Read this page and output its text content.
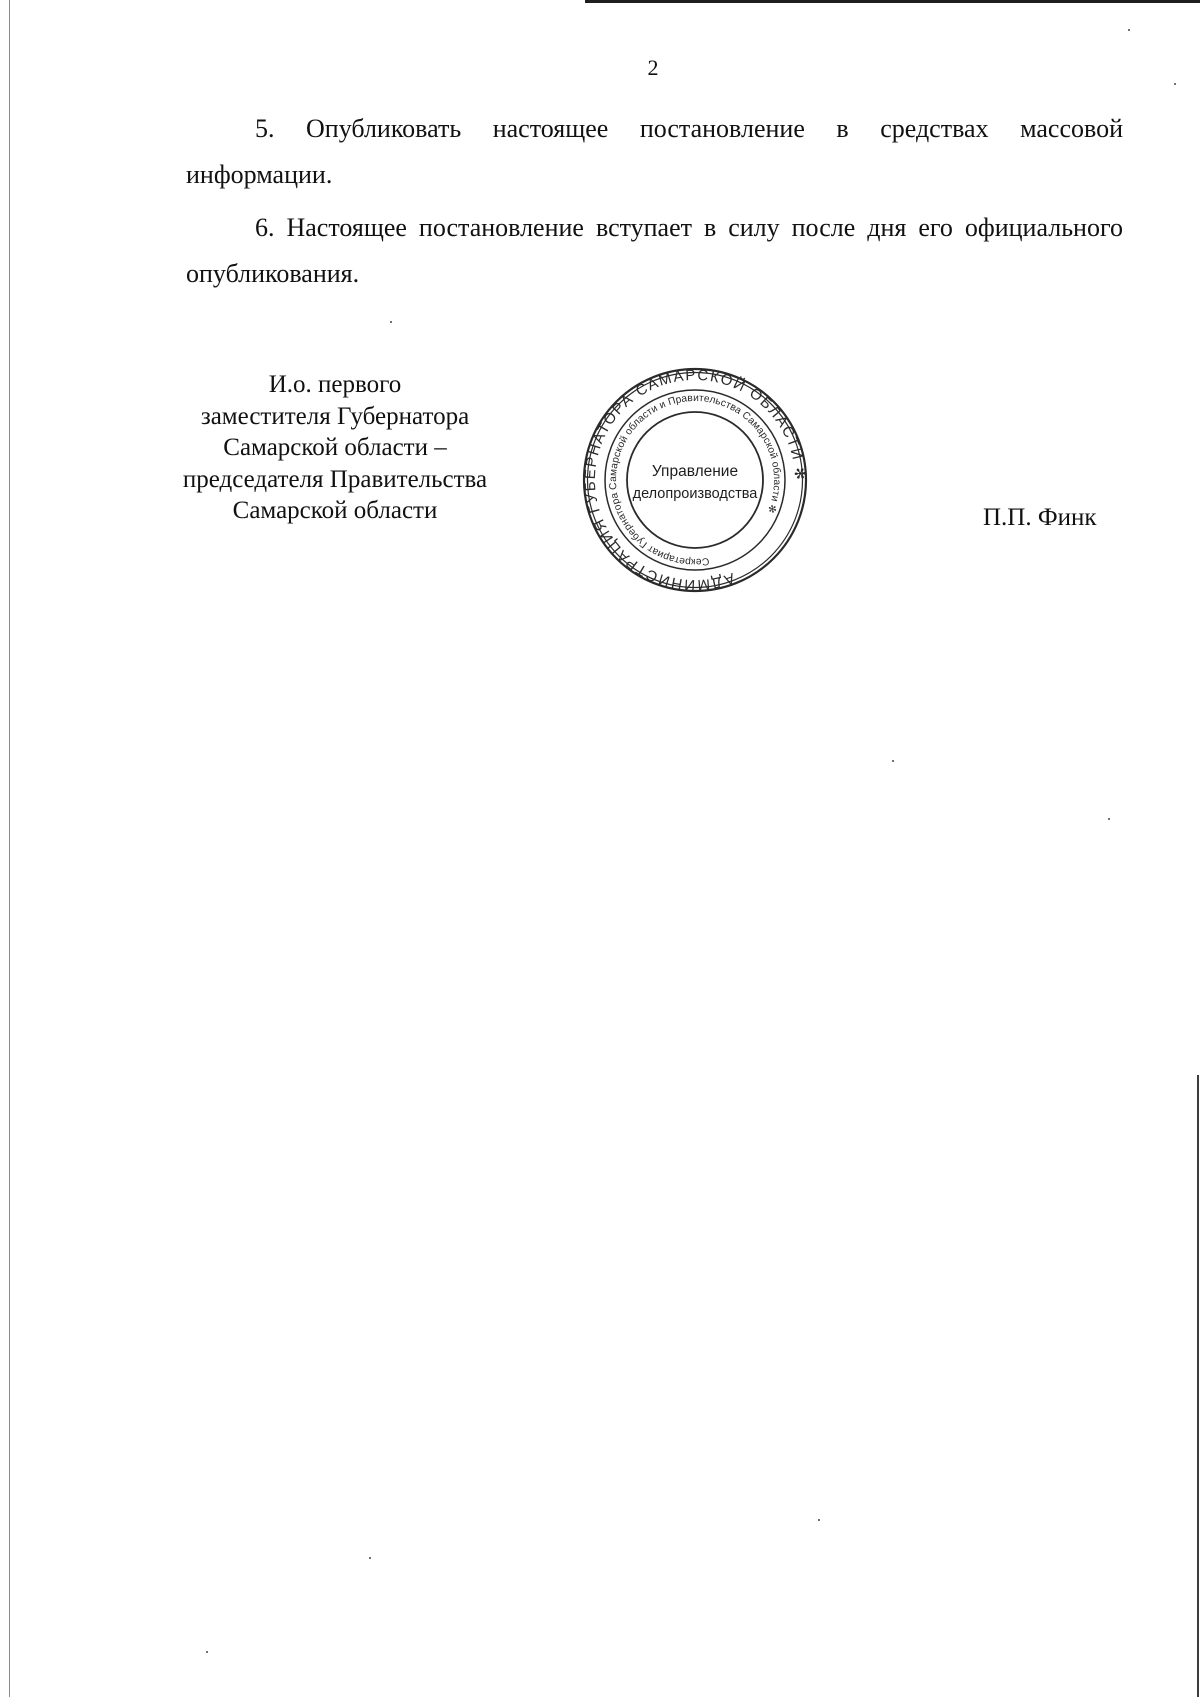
2

5. Опубликовать настоящее постановление в средствах массовой информации.

6. Настоящее постановление вступает в силу после дня его официального опубликования.

И.о. первого
заместителя Губернатора
Самарской области –
председателя Правительства
Самарской области
АДМИНИСТРАЦИЯ ГУБЕРНАТОРА САМАРСКОЙ ОБЛАСТИ ✻
Секретариат Губернатора Самарской области и Правительства Самарской области ✻
Управление
делопроизводства
П.П. Финк
